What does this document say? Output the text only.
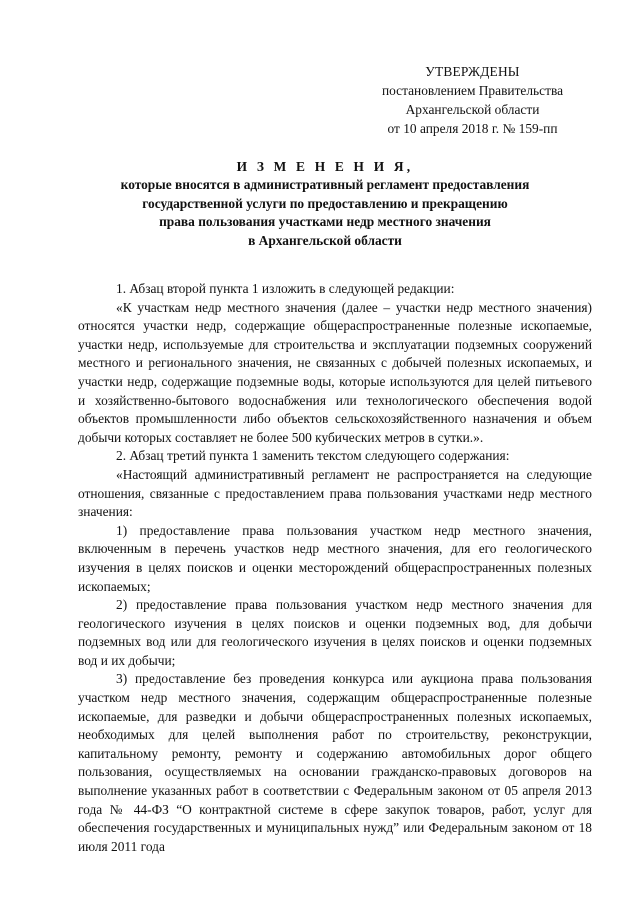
УТВЕРЖДЕНЫ
постановлением Правительства
Архангельской области
от 10 апреля 2018 г. № 159-пп
И З М Е Н Е Н И Я,
которые вносятся в административный регламент предоставления
государственной услуги по предоставлению и прекращению
права пользования участками недр местного значения
в Архангельской области

1. Абзац второй пункта 1 изложить в следующей редакции:

«К участкам недр местного значения (далее – участки недр местного значения) относятся участки недр, содержащие общераспространенные полезные ископаемые, участки недр, используемые для строительства и эксплуатации подземных сооружений местного и регионального значения, не связанных с добычей полезных ископаемых, и участки недр, содержащие подземные воды, которые используются для целей питьевого и хозяйственно-бытового водоснабжения или технологического обеспечения водой объектов промышленности либо объектов сельскохозяйственного назначения и объем добычи которых составляет не более 500 кубических метров в сутки.».

2. Абзац третий пункта 1 заменить текстом следующего содержания:

«Настоящий административный регламент не распространяется на следующие отношения, связанные с предоставлением права пользования участками недр местного значения:

1) предоставление права пользования участком недр местного значения, включенным в перечень участков недр местного значения, для его геологического изучения в целях поисков и оценки месторождений общераспространенных полезных ископаемых;

2) предоставление права пользования участком недр местного значения для геологического изучения в целях поисков и оценки подземных вод, для добычи подземных вод или для геологического изучения в целях поисков и оценки подземных вод и их добычи;

3) предоставление без проведения конкурса или аукциона права пользования участком недр местного значения, содержащим общераспространенные полезные ископаемые, для разведки и добычи общераспространенных полезных ископаемых, необходимых для целей выполнения работ по строительству, реконструкции, капитальному ремонту, ремонту и содержанию автомобильных дорог общего пользования, осуществляемых на основании гражданско-правовых договоров на выполнение указанных работ в соответствии с Федеральным законом от 05 апреля 2013 года № 44-ФЗ “О контрактной системе в сфере закупок товаров, работ, услуг для обеспечения государственных и муниципальных нужд” или Федеральным законом от 18 июля 2011 года
